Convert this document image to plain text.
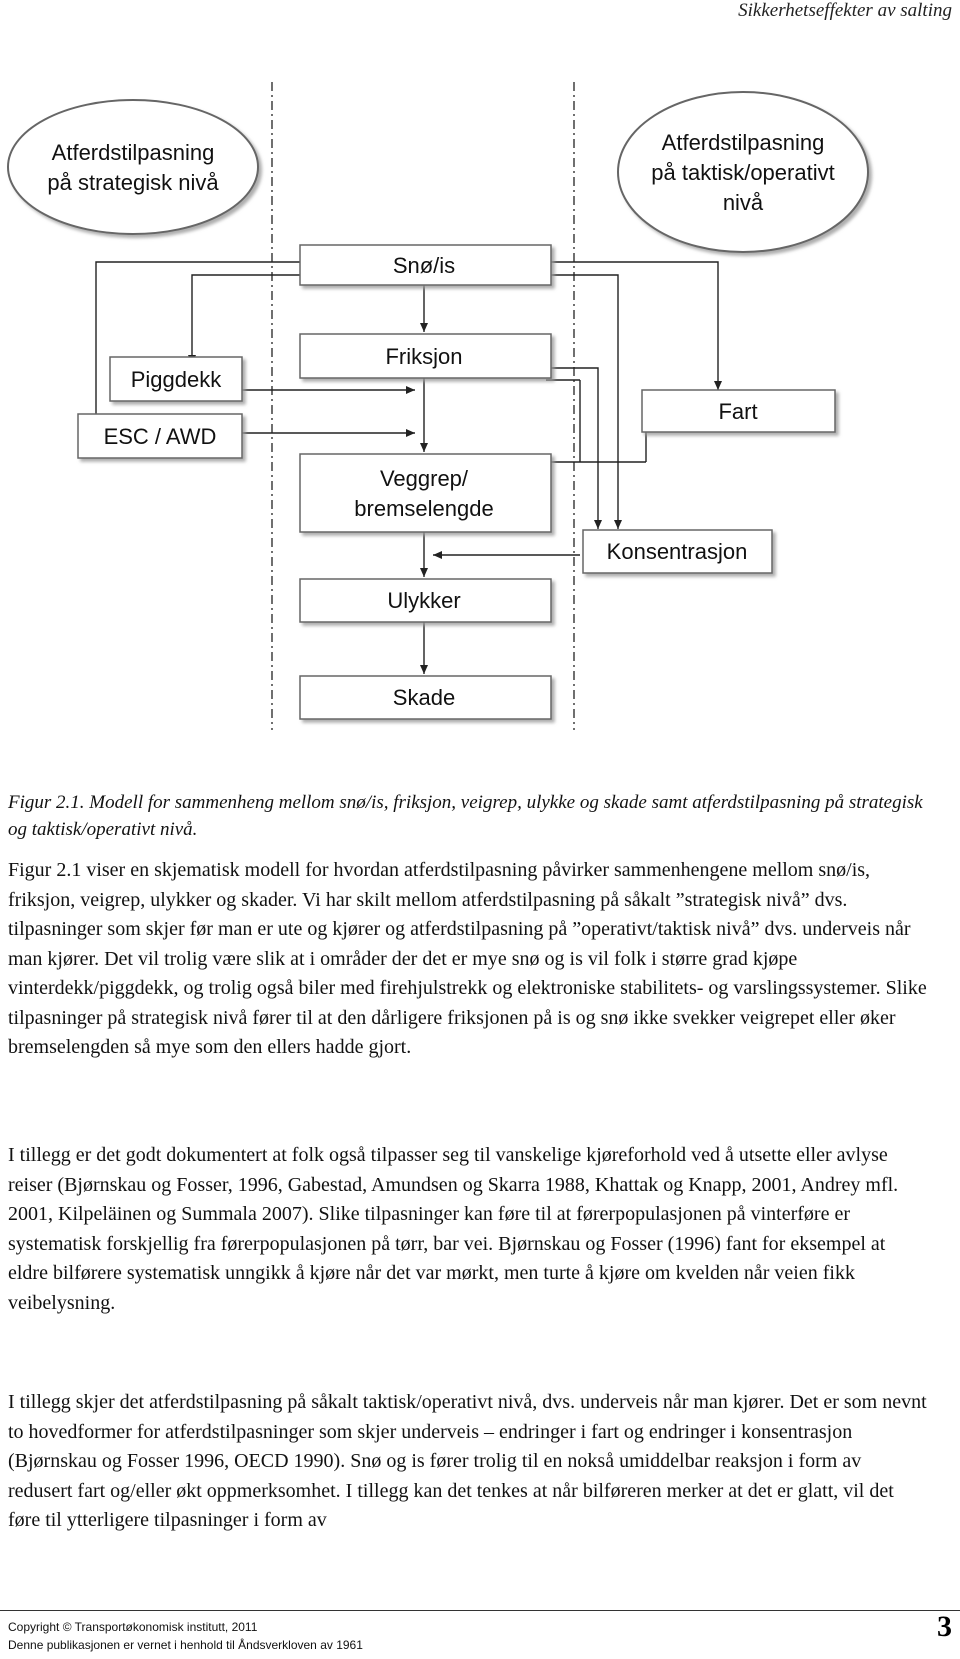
Sikkerhetseffekter av salting
Atferdstilpasning
på strategisk nivå
Atferdstilpasning
på taktisk/operativt
nivå
Snø/is
Friksjon
Veggrep/
bremselengde
Ulykker
Skade
Piggdekk
ESC / AWD
Fart
Konsentrasjon
Figur 2.1. Modell for sammenheng mellom snø/is, friksjon, veigrep, ulykke og skade samt atferdstilpasning på strategisk og taktisk/operativt nivå.

Figur 2.1 viser en skjematisk modell for hvordan atferdstilpasning påvirker sammenhengene mellom snø/is, friksjon, veigrep, ulykker og skader. Vi har skilt mellom atferdstilpasning på såkalt ”strategisk nivå” dvs. tilpasninger som skjer før man er ute og kjører og atferdstilpasning på ”operativt/taktisk nivå” dvs. underveis når man kjører. Det vil trolig være slik at i områder der det er mye snø og is vil folk i større grad kjøpe vinterdekk/piggdekk, og trolig også biler med firehjulstrekk og elektroniske stabilitets- og varslingssystemer. Slike tilpasninger på strategisk nivå fører til at den dårligere friksjonen på is og snø ikke svekker veigrepet eller øker bremselengden så mye som den ellers hadde gjort.

I tillegg er det godt dokumentert at folk også tilpasser seg til vanskelige kjøreforhold ved å utsette eller avlyse reiser (Bjørnskau og Fosser, 1996, Gabestad, Amundsen og Skarra 1988, Khattak og Knapp, 2001, Andrey mfl. 2001, Kilpeläinen og Summala 2007). Slike tilpasninger kan føre til at førerpopulasjonen på vinterføre er systematisk forskjellig fra førerpopulasjonen på tørr, bar vei. Bjørnskau og Fosser (1996) fant for eksempel at eldre bilførere systematisk unngikk å kjøre når det var mørkt, men turte å kjøre om kvelden når veien fikk veibelysning.

I tillegg skjer det atferdstilpasning på såkalt taktisk/operativt nivå, dvs. underveis når man kjører. Det er som nevnt to hovedformer for atferdstilpasninger som skjer underveis – endringer i fart og endringer i konsentrasjon (Bjørnskau og Fosser 1996, OECD 1990). Snø og is fører trolig til en nokså umiddelbar reaksjon i form av redusert fart og/eller økt oppmerksomhet. I tillegg kan det tenkes at når bilføreren merker at det er glatt, vil det føre til ytterligere tilpasninger i form av

Copyright © Transportøkonomisk institutt, 2011
Denne publikasjonen er vernet i henhold til Åndsverkloven av 1961
3
